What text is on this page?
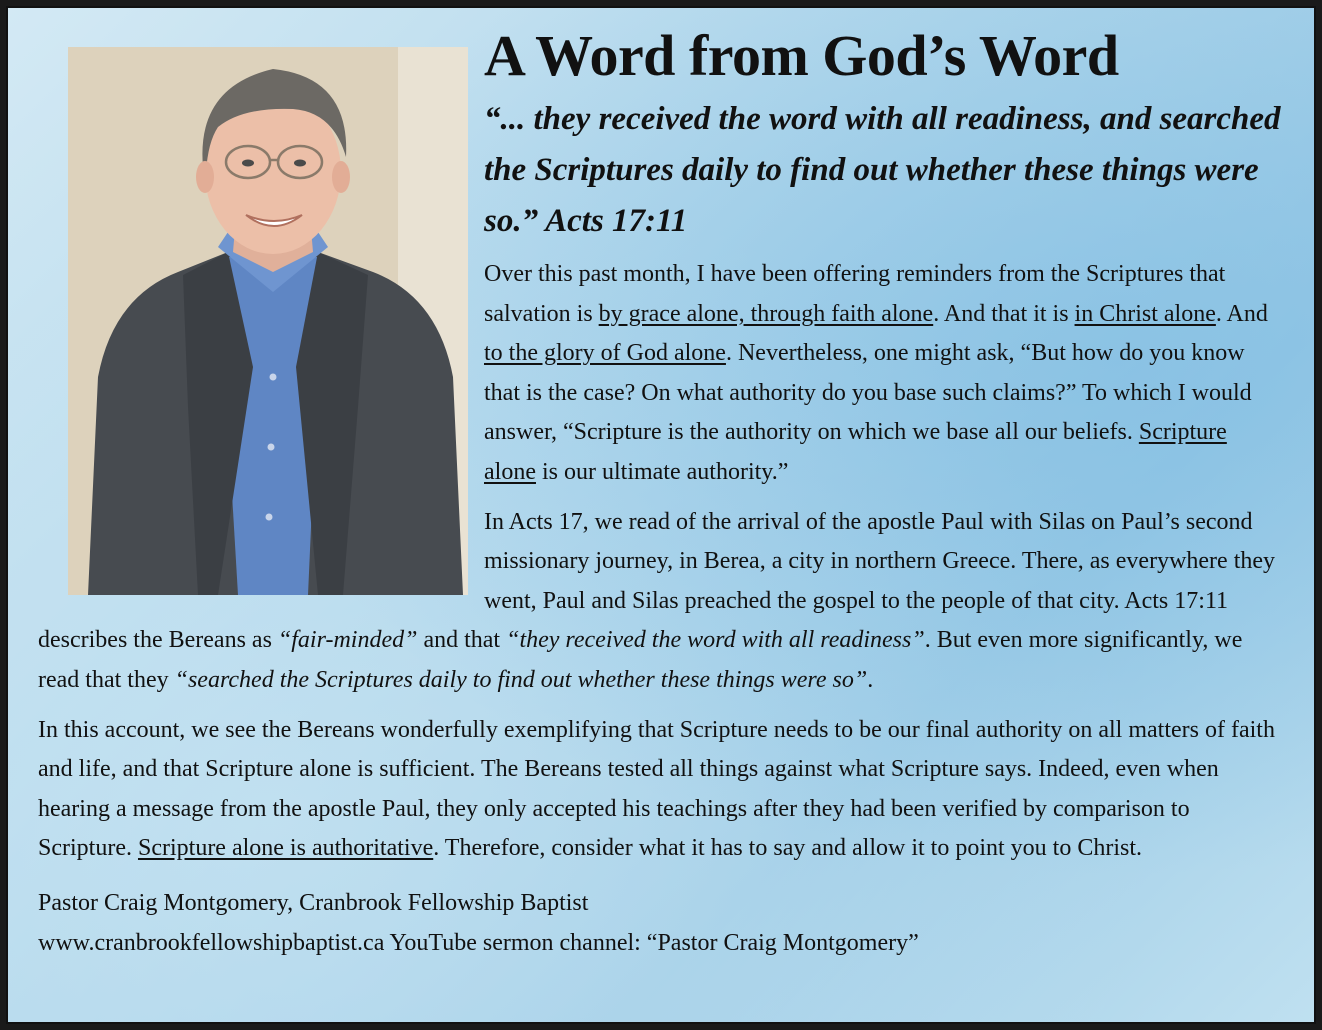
A Word from God’s Word
“... they received the word with all readiness, and searched the Scriptures daily to find out whether these things were so.” Acts 17:11

Over this past month, I have been offering reminders from the Scriptures that salvation is by grace alone, through faith alone. And that it is in Christ alone. And to the glory of God alone. Nevertheless, one might ask, “But how do you know that is the case? On what authority do you base such claims?” To which I would answer, “Scripture is the authority on which we base all our beliefs. Scripture alone is our ultimate authority.”

In Acts 17, we read of the arrival of the apostle Paul with Silas on Paul’s second missionary journey, in Berea, a city in northern Greece. There, as everywhere they went, Paul and Silas preached the gospel to the people of that city. Acts 17:11 describes the Bereans as “fair-minded” and that “they received the word with all readiness”. But even more significantly, we read that they “searched the Scriptures daily to find out whether these things were so”.

In this account, we see the Bereans wonderfully exemplifying that Scripture needs to be our final authority on all matters of faith and life, and that Scripture alone is sufficient. The Bereans tested all things against what Scripture says. Indeed, even when hearing a message from the apostle Paul, they only accepted his teachings after they had been verified by comparison to Scripture. Scripture alone is authoritative. Therefore, consider what it has to say and allow it to point you to Christ.

Pastor Craig Montgomery, Cranbrook Fellowship Baptist
www.cranbrookfellowshipbaptist.ca YouTube sermon channel: “Pastor Craig Montgomery”
